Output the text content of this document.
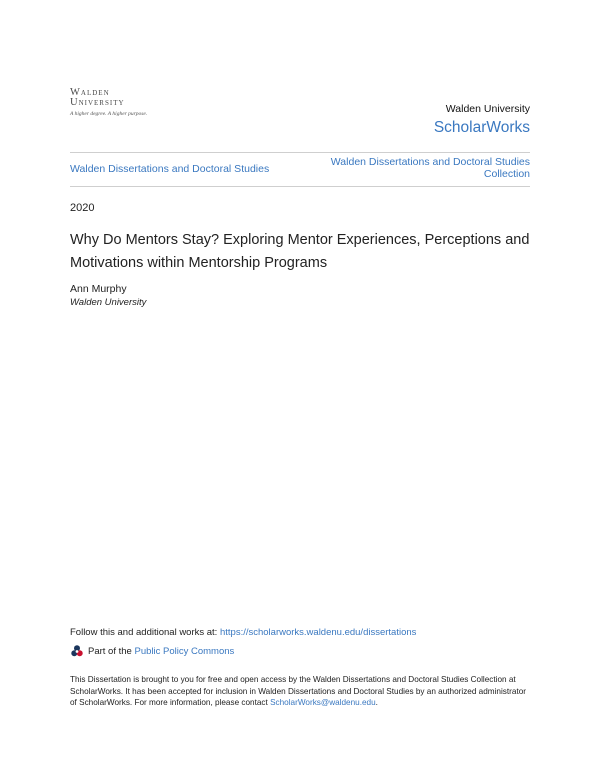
Walden
University
A higher degree. A higher purpose.	Walden University
ScholarWorks
Walden Dissertations and Doctoral Studies
Walden Dissertations and Doctoral Studies Collection
2020
Why Do Mentors Stay? Exploring Mentor Experiences, Perceptions and Motivations within Mentorship Programs
Ann Murphy
Walden University
Follow this and additional works at: https://scholarworks.waldenu.edu/dissertations
Part of the
Public Policy Commons

This Dissertation is brought to you for free and open access by the Walden Dissertations and Doctoral Studies Collection at ScholarWorks. It has been accepted for inclusion in Walden Dissertations and Doctoral Studies by an authorized administrator of ScholarWorks. For more information, please contact ScholarWorks@waldenu.edu.
